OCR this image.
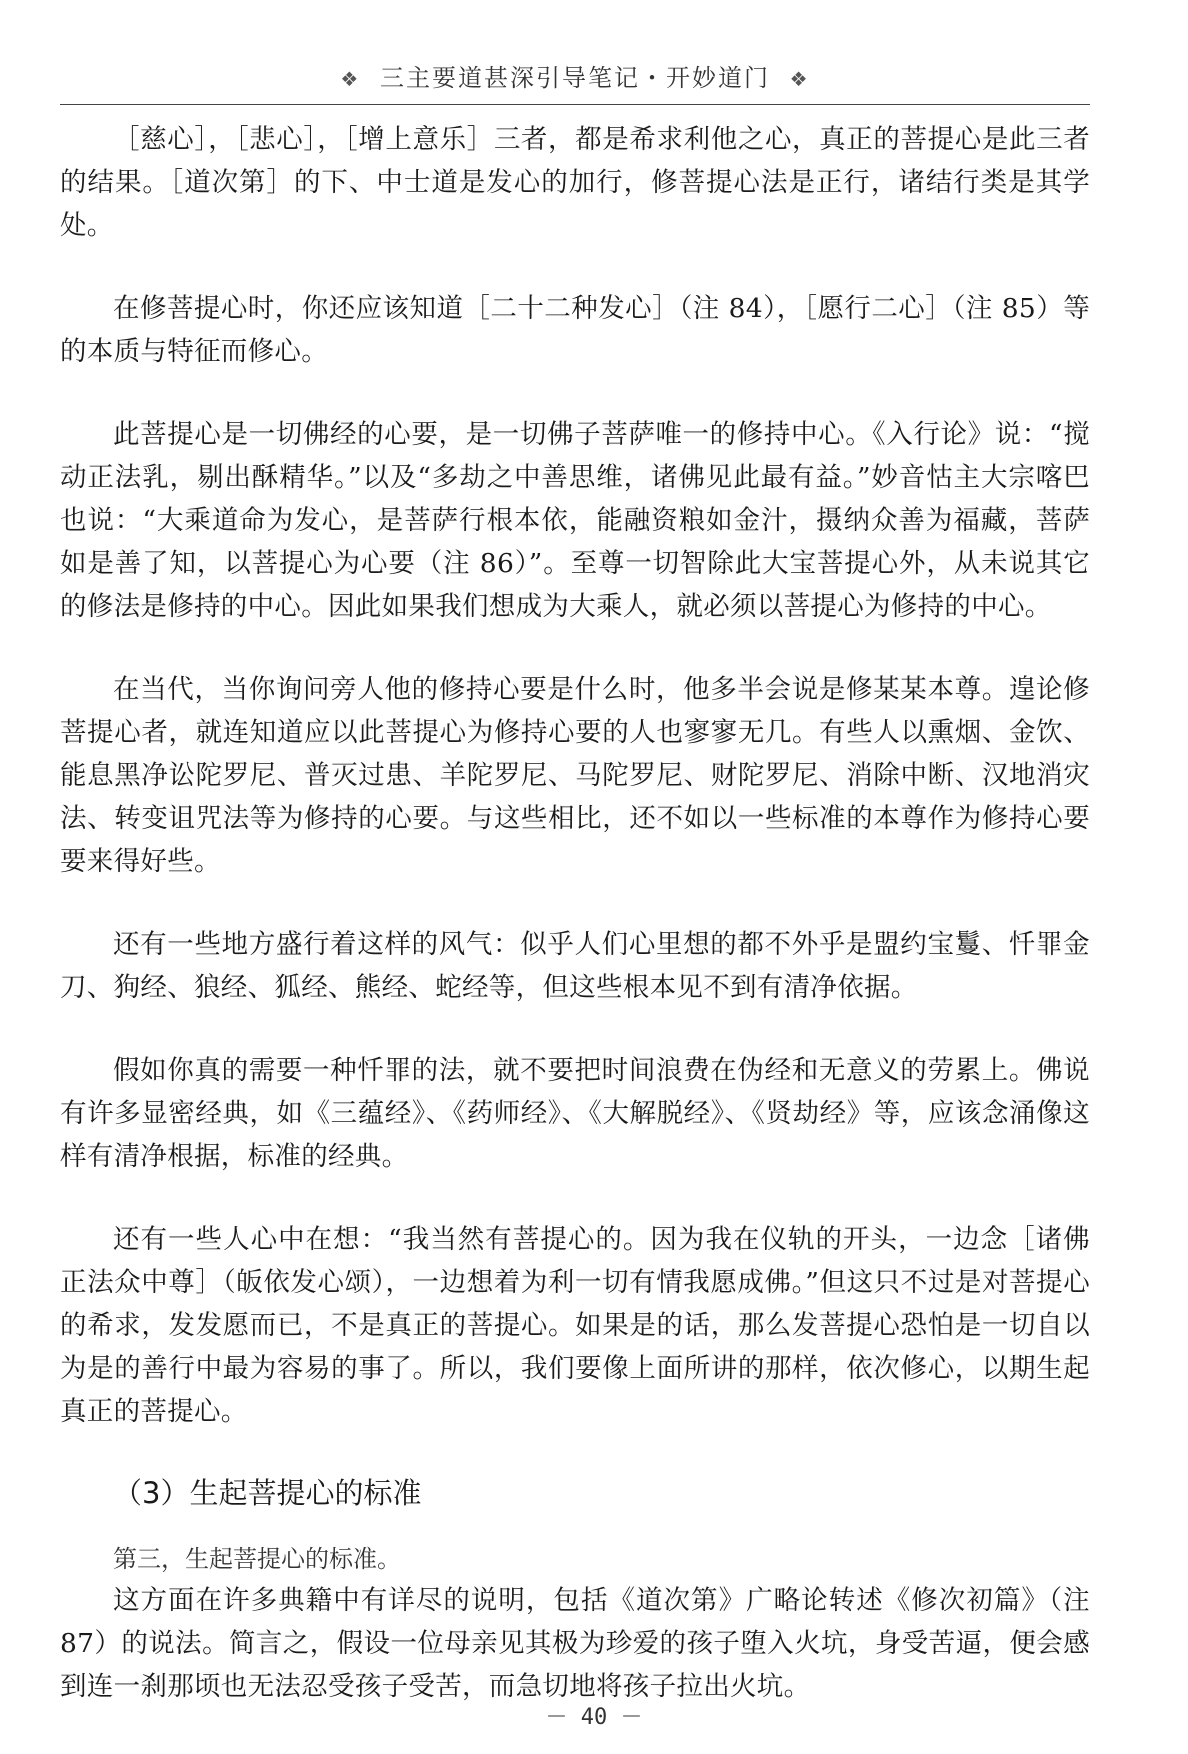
❖ 三主要道甚深引导笔记・开妙道门 ❖

［慈心］，［悲心］，［增上意乐］三者，都是希求利他之心，真正的菩提心是此三者的结果。［道次第］的下、中士道是发心的加行，修菩提心法是正行，诸结行类是其学处。

在修菩提心时，你还应该知道［二十二种发心］（注 84），［愿行二心］（注 85）等的本质与特征而修心。

此菩提心是一切佛经的心要，是一切佛子菩萨唯一的修持中心。《入行论》说：“搅动正法乳，剔出酥精华。”以及“多劫之中善思维，诸佛见此最有益。”妙音怙主大宗喀巴也说：“大乘道命为发心，是菩萨行根本依，能融资粮如金汁，摄纳众善为福藏，菩萨如是善了知，以菩提心为心要（注 86）”。至尊一切智除此大宝菩提心外，从未说其它的修法是修持的中心。因此如果我们想成为大乘人，就必须以菩提心为修持的中心。

在当代，当你询问旁人他的修持心要是什么时，他多半会说是修某某本尊。遑论修菩提心者，就连知道应以此菩提心为修持心要的人也寥寥无几。有些人以熏烟、金饮、能息黑净讼陀罗尼、普灭过患、羊陀罗尼、马陀罗尼、财陀罗尼、消除中断、汉地消灾法、转变诅咒法等为修持的心要。与这些相比，还不如以一些标准的本尊作为修持心要要来得好些。

还有一些地方盛行着这样的风气：似乎人们心里想的都不外乎是盟约宝鬘、忏罪金刀、狗经、狼经、狐经、熊经、蛇经等，但这些根本见不到有清净依据。

假如你真的需要一种忏罪的法，就不要把时间浪费在伪经和无意义的劳累上。佛说有许多显密经典，如《三蕴经》、《药师经》、《大解脱经》、《贤劫经》等，应该念涌像这样有清净根据，标准的经典。

还有一些人心中在想：“我当然有菩提心的。因为我在仪轨的开头，一边念［诸佛正法众中尊］（皈依发心颂），一边想着为利一切有情我愿成佛。”但这只不过是对菩提心的希求，发发愿而已，不是真正的菩提心。如果是的话，那么发菩提心恐怕是一切自以为是的善行中最为容易的事了。所以，我们要像上面所讲的那样，依次修心，以期生起真正的菩提心。

（3）生起菩提心的标准

第三，生起菩提心的标准。

这方面在许多典籍中有详尽的说明，包括《道次第》广略论转述《修次初篇》（注 87）的说法。简言之，假设一位母亲见其极为珍爱的孩子堕入火坑，身受苦逼，便会感到连一刹那顷也无法忍受孩子受苦，而急切地将孩子拉出火坑。

－ 40 －
